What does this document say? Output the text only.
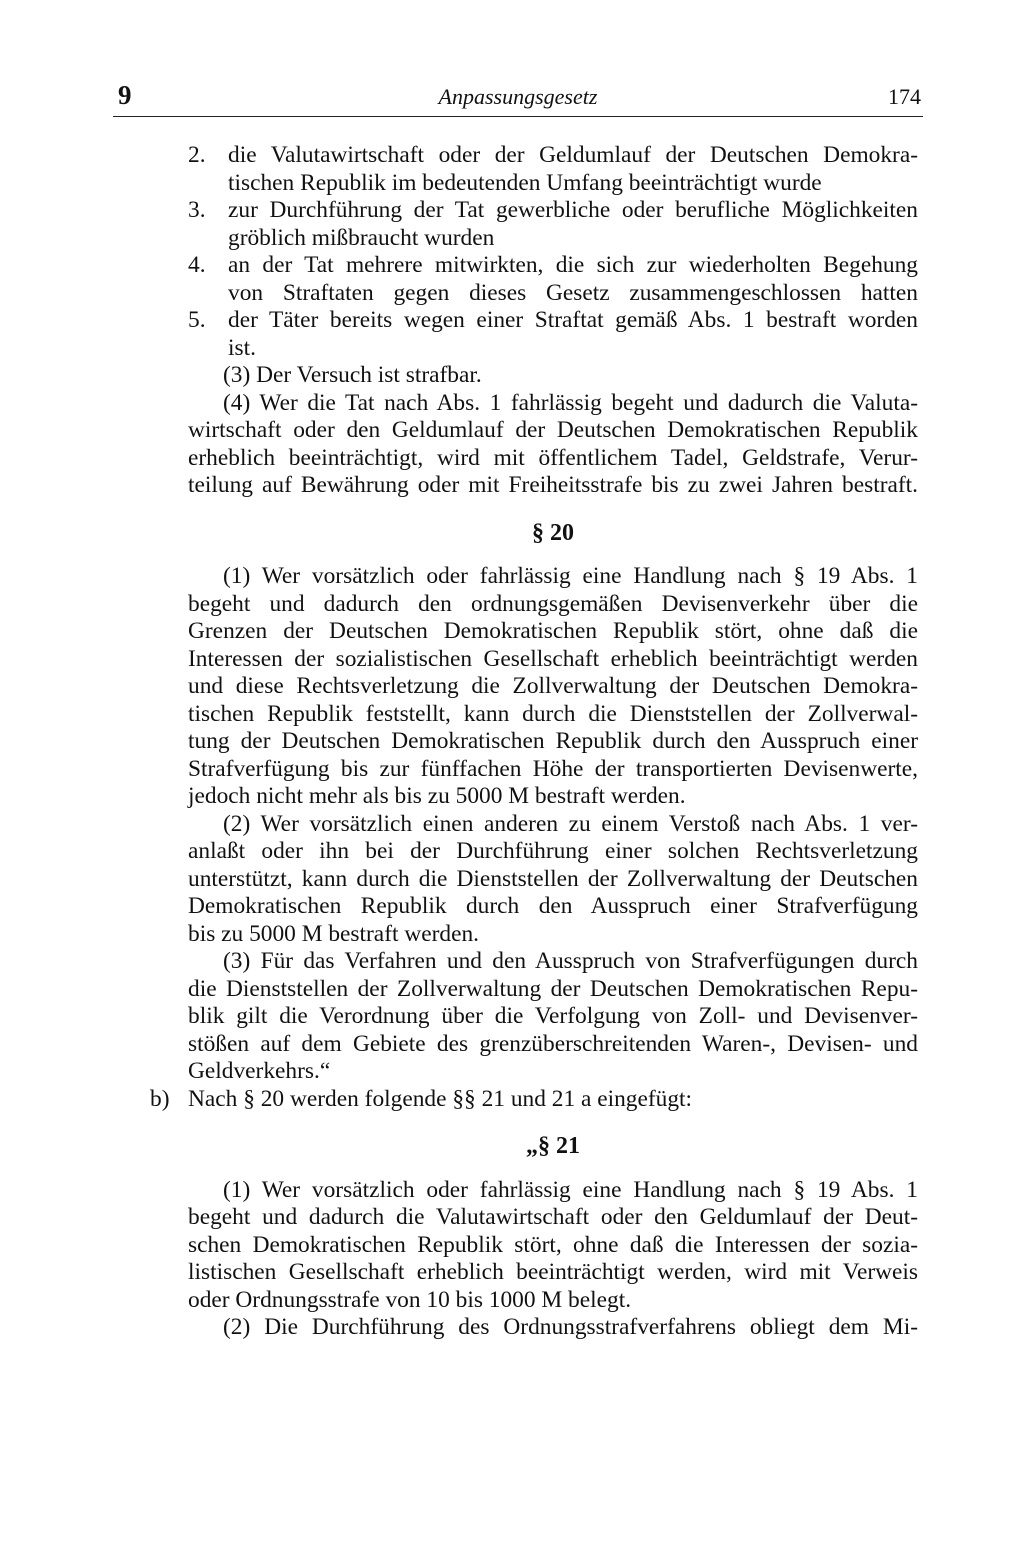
9	Anpassungsgesetz	174
2. die Valutawirtschaft oder der Geldumlauf der Deutschen Demokra-
tischen Republik im bedeutenden Umfang beeinträchtigt wurde
3. zur Durchführung der Tat gewerbliche oder berufliche Möglichkeiten
gröblich mißbraucht wurden
4. an der Tat mehrere mitwirkten, die sich zur wiederholten Begehung
von Straftaten gegen dieses Gesetz zusammengeschlossen hatten
5. der Täter bereits wegen einer Straftat gemäß Abs. 1 bestraft worden
ist.
(3) Der Versuch ist strafbar.
(4) Wer die Tat nach Abs. 1 fahrlässig begeht und dadurch die Valuta-
wirtschaft oder den Geldumlauf der Deutschen Demokratischen Republik
erheblich beeinträchtigt, wird mit öffentlichem Tadel, Geldstrafe, Verur-
teilung auf Bewährung oder mit Freiheitsstrafe bis zu zwei Jahren bestraft.
§ 20
(1) Wer vorsätzlich oder fahrlässig eine Handlung nach § 19 Abs. 1
begeht und dadurch den ordnungsgemäßen Devisenverkehr über die
Grenzen der Deutschen Demokratischen Republik stört, ohne daß die
Interessen der sozialistischen Gesellschaft erheblich beeinträchtigt werden
und diese Rechtsverletzung die Zollverwaltung der Deutschen Demokra-
tischen Republik feststellt, kann durch die Dienststellen der Zollverwal-
tung der Deutschen Demokratischen Republik durch den Ausspruch einer
Strafverfügung bis zur fünffachen Höhe der transportierten Devisenwerte,
jedoch nicht mehr als bis zu 5000 M bestraft werden.
(2) Wer vorsätzlich einen anderen zu einem Verstoß nach Abs. 1 ver-
anlaßt oder ihn bei der Durchführung einer solchen Rechtsverletzung
unterstützt, kann durch die Dienststellen der Zollverwaltung der Deutschen
Demokratischen Republik durch den Ausspruch einer Strafverfügung
bis zu 5000 M bestraft werden.
(3) Für das Verfahren und den Ausspruch von Strafverfügungen durch
die Dienststellen der Zollverwaltung der Deutschen Demokratischen Repu-
blik gilt die Verordnung über die Verfolgung von Zoll- und Devisenver-
stößen auf dem Gebiete des grenzüberschreitenden Waren-, Devisen- und
Geldverkehrs.“
b) Nach § 20 werden folgende §§ 21 und 21 a eingefügt:
„§ 21
(1) Wer vorsätzlich oder fahrlässig eine Handlung nach § 19 Abs. 1
begeht und dadurch die Valutawirtschaft oder den Geldumlauf der Deut-
schen Demokratischen Republik stört, ohne daß die Interessen der sozia-
listischen Gesellschaft erheblich beeinträchtigt werden, wird mit Verweis
oder Ordnungsstrafe von 10 bis 1000 M belegt.
(2) Die Durchführung des Ordnungsstrafverfahrens obliegt dem Mi-
